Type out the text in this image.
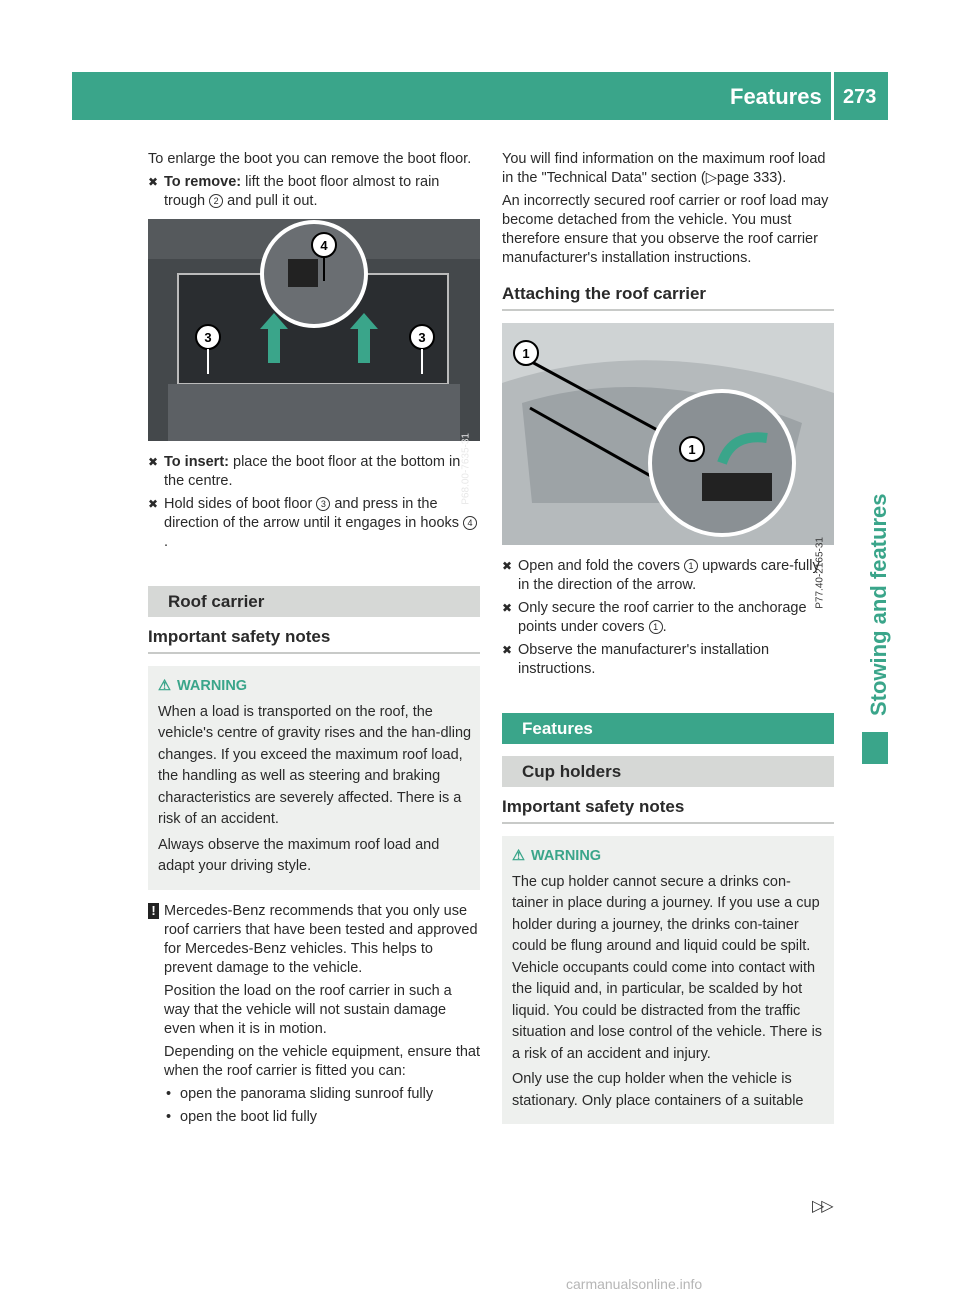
Features 273
Stowing and features

To enlarge the boot you can remove the boot floor.

✖ To remove: lift the boot floor almost to rain trough 2 and pull it out.
3
4
3
P68.00-7635-31
✖ To insert: place the boot floor at the bottom in the centre.
✖ Hold sides of boot floor 3 and press in the direction of the arrow until it engages in hooks 4.
Roof carrier
Important safety notes
⚠ WARNING

When a load is transported on the roof, the vehicle's centre of gravity rises and the han-dling changes. If you exceed the maximum roof load, the handling as well as steering and braking characteristics are severely affected. There is a risk of an accident.

Always observe the maximum roof load and adapt your driving style.

! Mercedes-Benz recommends that you only use roof carriers that have been tested and approved for Mercedes-Benz vehicles. This helps to prevent damage to the vehicle.

Position the load on the roof carrier in such a way that the vehicle will not sustain damage even when it is in motion.

Depending on the vehicle equipment, ensure that when the roof carrier is fitted you can:

• open the panorama sliding sunroof fully
• open the boot lid fully

You will find information on the maximum roof load in the "Technical Data" section (▷page 333).

An incorrectly secured roof carrier or roof load may become detached from the vehicle. You must therefore ensure that you observe the roof carrier manufacturer's installation instructions.

Attaching the roof carrier
1
1
P77.40-2165-31
✖ Open and fold the covers 1 upwards care-fully in the direction of the arrow.
✖ Only secure the roof carrier to the anchorage points under covers 1 .
✖ Observe the manufacturer's installation instructions.
Features
Cup holders
Important safety notes
⚠ WARNING

The cup holder cannot secure a drinks con-tainer in place during a journey. If you use a cup holder during a journey, the drinks con-tainer could be flung around and liquid could be spilt. Vehicle occupants could come into contact with the liquid and, in particular, be scalded by hot liquid. You could be distracted from the traffic situation and lose control of the vehicle. There is a risk of an accident and injury.

Only use the cup holder when the vehicle is stationary. Only place containers of a suitable

▷▷
carmanualsonline.info
